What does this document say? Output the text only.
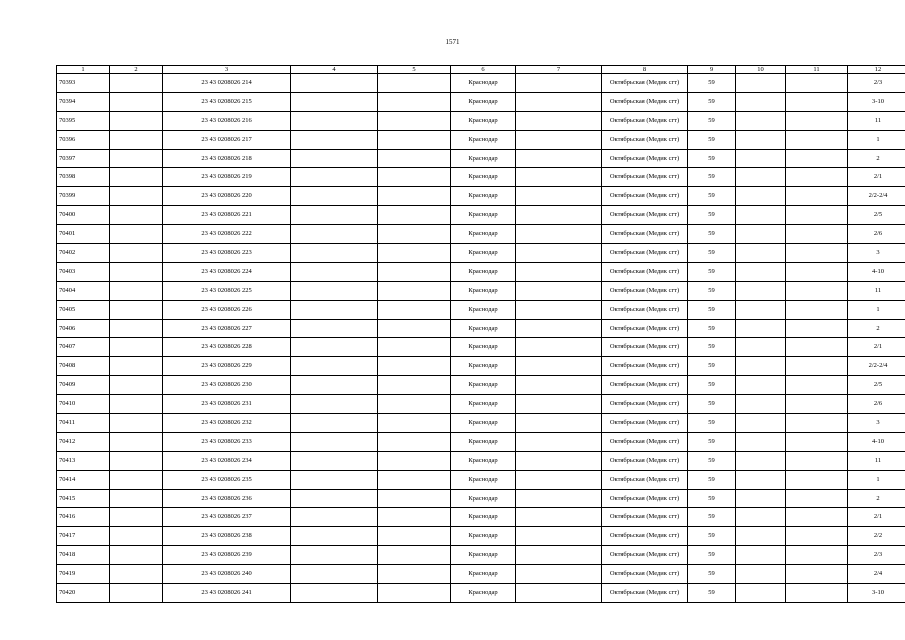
1571
1	2	3	4	5	6	7	8	9	10	11	12
70393		23 43 0208026 214			Краснодар		Октябрьская (Медик сгт)	59			2/3
70394		23 43 0208026 215			Краснодар		Октябрьская (Медик сгт)	59			3-10
70395		23 43 0208026 216			Краснодар		Октябрьская (Медик сгт)	59			11
70396		23 43 0208026 217			Краснодар		Октябрьская (Медик сгт)	59			1
70397		23 43 0208026 218			Краснодар		Октябрьская (Медик сгт)	59			2
70398		23 43 0208026 219			Краснодар		Октябрьская (Медик сгт)	59			2/1
70399		23 43 0208026 220			Краснодар		Октябрьская (Медик сгт)	59			2/2-2/4
70400		23 43 0208026 221			Краснодар		Октябрьская (Медик сгт)	59			2/5
70401		23 43 0208026 222			Краснодар		Октябрьская (Медик сгт)	59			2/6
70402		23 43 0208026 223			Краснодар		Октябрьская (Медик сгт)	59			3
70403		23 43 0208026 224			Краснодар		Октябрьская (Медик сгт)	59			4-10
70404		23 43 0208026 225			Краснодар		Октябрьская (Медик сгт)	59			11
70405		23 43 0208026 226			Краснодар		Октябрьская (Медик сгт)	59			1
70406		23 43 0208026 227			Краснодар		Октябрьская (Медик сгт)	59			2
70407		23 43 0208026 228			Краснодар		Октябрьская (Медик сгт)	59			2/1
70408		23 43 0208026 229			Краснодар		Октябрьская (Медик сгт)	59			2/2-2/4
70409		23 43 0208026 230			Краснодар		Октябрьская (Медик сгт)	59			2/5
70410		23 43 0208026 231			Краснодар		Октябрьская (Медик сгт)	59			2/6
70411		23 43 0208026 232			Краснодар		Октябрьская (Медик сгт)	59			3
70412		23 43 0208026 233			Краснодар		Октябрьская (Медик сгт)	59			4-10
70413		23 43 0208026 234			Краснодар		Октябрьская (Медик сгт)	59			11
70414		23 43 0208026 235			Краснодар		Октябрьская (Медик сгт)	59			1
70415		23 43 0208026 236			Краснодар		Октябрьская (Медик сгт)	59			2
70416		23 43 0208026 237			Краснодар		Октябрьская (Медик сгт)	59			2/1
70417		23 43 0208026 238			Краснодар		Октябрьская (Медик сгт)	59			2/2
70418		23 43 0208026 239			Краснодар		Октябрьская (Медик сгт)	59			2/3
70419		23 43 0208026 240			Краснодар		Октябрьская (Медик сгт)	59			2/4
70420		23 43 0208026 241			Краснодар		Октябрьская (Медик сгт)	59			3-10
